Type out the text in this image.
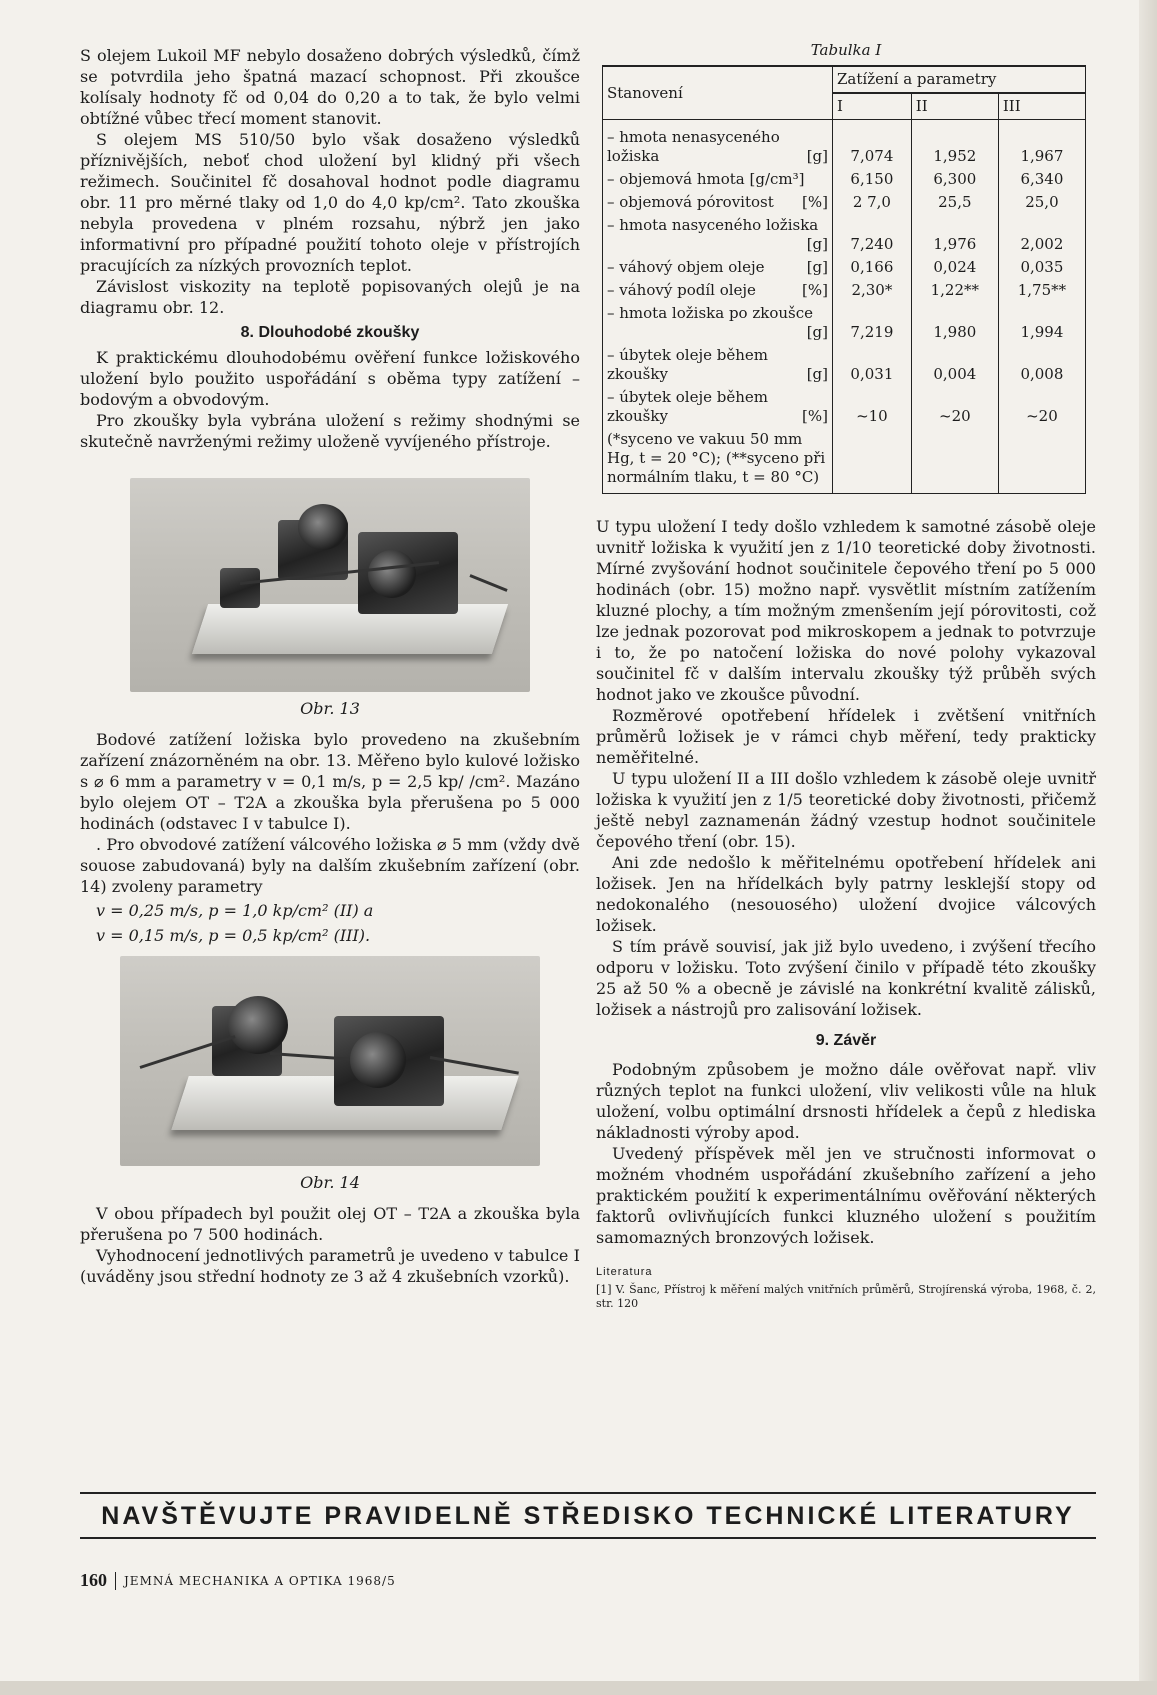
S olejem Lukoil MF nebylo dosaženo dobrých výsledků, čímž se potvrdila jeho špatná mazací schopnost. Při zkoušce kolísaly hodnoty fč od 0,04 do 0,20 a to tak, že bylo velmi obtížné vůbec třecí moment stanovit.

S olejem MS 510/50 bylo však dosaženo výsledků příznivějších, neboť chod uložení byl klidný při všech režimech. Součinitel fč dosahoval hodnot podle diagramu obr. 11 pro měrné tlaky od 1,0 do 4,0 kp/cm². Tato zkouška nebyla provedena v plném rozsahu, nýbrž jen jako informativní pro případné použití tohoto oleje v přístrojích pracujících za nízkých provozních teplot.

Závislost viskozity na teplotě popisovaných olejů je na diagramu obr. 12.

8. Dlouhodobé zkoušky

K praktickému dlouhodobému ověření funkce ložiskového uložení bylo použito uspořádání s oběma typy zatížení – bodovým a obvodovým.

Pro zkoušky byla vybrána uložení s režimy shodnými se skutečně navrženými režimy uloženě vyvíjeného přístroje.

Obr. 13

Bodové zatížení ložiska bylo provedeno na zkušebním zařízení znázorněném na obr. 13. Měřeno bylo kulové ložisko s ⌀ 6 mm a parametry v = 0,1 m/s, p = 2,5 kp/ /cm². Mazáno bylo olejem OT – T2A a zkouška byla přerušena po 5 000 hodinách (odstavec I v tabulce I).

. Pro obvodové zatížení válcového ložiska ⌀ 5 mm (vždy dvě souose zabudovaná) byly na dalším zkušebním zařízení (obr. 14) zvoleny parametry

v = 0,25 m/s, p = 1,0 kp/cm² (II) a

v = 0,15 m/s, p = 0,5 kp/cm² (III).

Obr. 14

V obou případech byl použit olej OT – T2A a zkouška byla přerušena po 7 500 hodinách.

Vyhodnocení jednotlivých parametrů je uvedeno v tabulce I (uváděny jsou střední hodnoty ze 3 až 4 zkušebních vzorků).

Tabulka I
Stanovení	Zatížení a parametry		
	I	II	III
– hmota nenasyceného ložiska [g]	7,074	1,952	1,967
– objemová hmota [g/cm³]	6,150	6,300	6,340
– objemová pórovitost [%]	2 7,0	25,5	25,0
– hmota nasyceného ložiska
[g]	7,240	1,976	2,002
– váhový objem oleje [g]	0,166	0,024	0,035
– váhový podíl oleje [%]	2,30*	1,22**	1,75**
– hmota ložiska po zkoušce
[g]	7,219	1,980	1,994
– úbytek oleje během zkoušky [g]	0,031	0,004	0,008
– úbytek oleje během zkoušky [%]	~10	~20	~20
(*syceno ve vakuu 50 mm Hg, t = 20 °C); (**syceno při normálním tlaku, t = 80 °C)			

U typu uložení I tedy došlo vzhledem k samotné zásobě oleje uvnitř ložiska k využití jen z 1/10 teoretické doby životnosti. Mírné zvyšování hodnot součinitele čepového tření po 5 000 hodinách (obr. 15) možno např. vysvětlit místním zatížením kluzné plochy, a tím možným zmenšením její pórovitosti, což lze jednak pozorovat pod mikroskopem a jednak to potvrzuje i to, že po natočení ložiska do nové polohy vykazoval součinitel fč v dalším intervalu zkoušky týž průběh svých hodnot jako ve zkoušce původní.

Rozměrové opotřebení hřídelek i zvětšení vnitřních průměrů ložisek je v rámci chyb měření, tedy prakticky neměřitelné.

U typu uložení II a III došlo vzhledem k zásobě oleje uvnitř ložiska k využití jen z 1/5 teoretické doby životnosti, přičemž ještě nebyl zaznamenán žádný vzestup hodnot součinitele čepového tření (obr. 15).

Ani zde nedošlo k měřitelnému opotřebení hřídelek ani ložisek. Jen na hřídelkách byly patrny lesklejší stopy od nedokonalého (nesouosého) uložení dvojice válcových ložisek.

S tím právě souvisí, jak již bylo uvedeno, i zvýšení třecího odporu v ložisku. Toto zvýšení činilo v případě této zkoušky 25 až 50 % a obecně je závislé na konkrétní kvalitě zálisků, ložisek a nástrojů pro zalisování ložisek.

9. Závěr

Podobným způsobem je možno dále ověřovat např. vliv různých teplot na funkci uložení, vliv velikosti vůle na hluk uložení, volbu optimální drsnosti hřídelek a čepů z hlediska nákladnosti výroby apod.

Uvedený příspěvek měl jen ve stručnosti informovat o možném vhodném uspořádání zkušebního zařízení a jeho praktickém použití k experimentálnímu ověřování některých faktorů ovlivňujících funkci kluzného uložení s použitím samomazných bronzových ložisek.

Literatura
[1] V. Šanc, Přístroj k měření malých vnitřních průměrů, Strojírenská výroba, 1968, č. 2, str. 120
NAVŠTĚVUJTE PRAVIDELNĚ STŘEDISKO TECHNICKÉ LITERATURY
160 JEMNÁ MECHANIKA A OPTIKA 1968/5
